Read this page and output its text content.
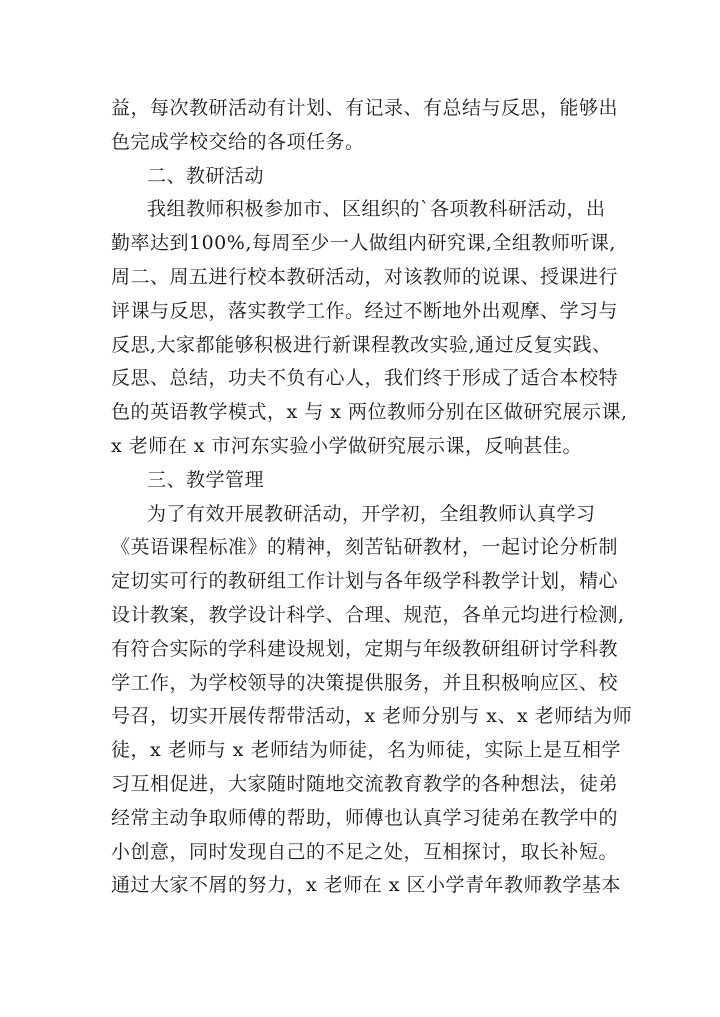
益，每次教研活动有计划、有记录、有总结与反思，能够出
色完成学校交给的各项任务。
二、教研活动
我组教师积极参加市、区组织的`各项教科研活动，出
勤率达到100%,每周至少一人做组内研究课,全组教师听课,
周二、周五进行校本教研活动，对该教师的说课、授课进行
评课与反思，落实教学工作。经过不断地外出观摩、学习与
反思,大家都能够积极进行新课程教改实验,通过反复实践、
反思、总结，功夫不负有心人，我们终于形成了适合本校特
色的英语教学模式，x 与 x 两位教师分别在区做研究展示课,
x 老师在 x 市河东实验小学做研究展示课，反响甚佳。
三、教学管理
为了有效开展教研活动，开学初，全组教师认真学习
《英语课程标准》的精神，刻苦钻研教材，一起讨论分析制
定切实可行的教研组工作计划与各年级学科教学计划，精心
设计教案，教学设计科学、合理、规范，各单元均进行检测,
有符合实际的学科建设规划，定期与年级教研组研讨学科教
学工作，为学校领导的决策提供服务，并且积极响应区、校
号召，切实开展传帮带活动，x 老师分别与 x、x 老师结为师
徒，x 老师与 x 老师结为师徒，名为师徒，实际上是互相学
习互相促进，大家随时随地交流教育教学的各种想法，徒弟
经常主动争取师傅的帮助，师傅也认真学习徒弟在教学中的
小创意，同时发现自己的不足之处，互相探讨，取长补短。
通过大家不屑的努力，x 老师在 x 区小学青年教师教学基本
